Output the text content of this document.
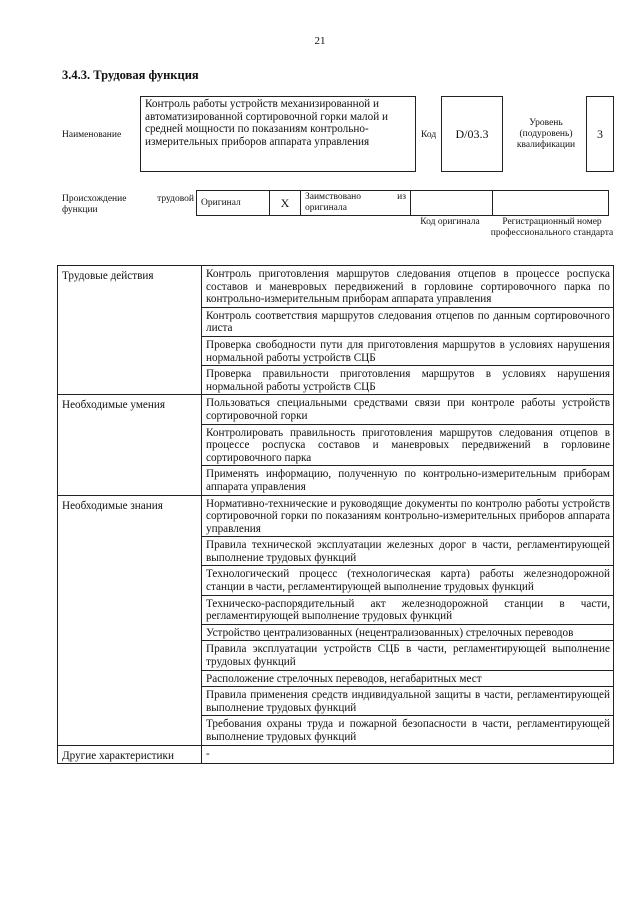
21
3.4.3. Трудовая функция
Наименование
Контроль работы устройств механизированной и автоматизированной сортировочной горки малой и средней мощности по показаниям контрольно-измерительных приборов аппарата управления
Код	D/03.3
Уровень (подуровень) квалификации
3
Происхождение	трудовой
функции
Оригинал	X	Заимствовано	из
оригинала

Код оригинала	Регистрационный номер профессионального стандарта
Трудовые действия	Контроль приготовления маршрутов следования отцепов в процессе роспуска составов и маневровых передвижений в горловине сортировочного парка по контрольно-измерительным приборам аппарата управления
	Контроль соответствия маршрутов следования отцепов по данным сортировочного листа
	Проверка свободности пути для приготовления маршрутов в условиях нарушения нормальной работы устройств СЦБ
	Проверка правильности приготовления маршрутов в условиях нарушения нормальной работы устройств СЦБ
Необходимые умения	Пользоваться специальными средствами связи при контроле работы устройств сортировочной горки
	Контролировать правильность приготовления маршрутов следования отцепов в процессе роспуска составов и маневровых передвижений в горловине сортировочного парка
	Применять информацию, полученную по контрольно-измерительным приборам аппарата управления
Необходимые знания	Нормативно-технические и руководящие документы по контролю работы устройств сортировочной горки по показаниям контрольно-измерительных приборов аппарата управления
	Правила технической эксплуатации железных дорог в части, регламентирующей выполнение трудовых функций
	Технологический процесс (технологическая карта) работы железнодорожной станции в части, регламентирующей выполнение трудовых функций
	Техническо-распорядительный акт железнодорожной станции в части, регламентирующей выполнение трудовых функций
	Устройство централизованных (нецентрализованных) стрелочных переводов
	Правила эксплуатации устройств СЦБ в части, регламентирующей выполнение трудовых функций
	Расположение стрелочных переводов, негабаритных мест
	Правила применения средств индивидуальной защиты в части, регламентирующей выполнение трудовых функций
	Требования охраны труда и пожарной безопасности в части, регламентирующей выполнение трудовых функций
Другие характеристики	-
